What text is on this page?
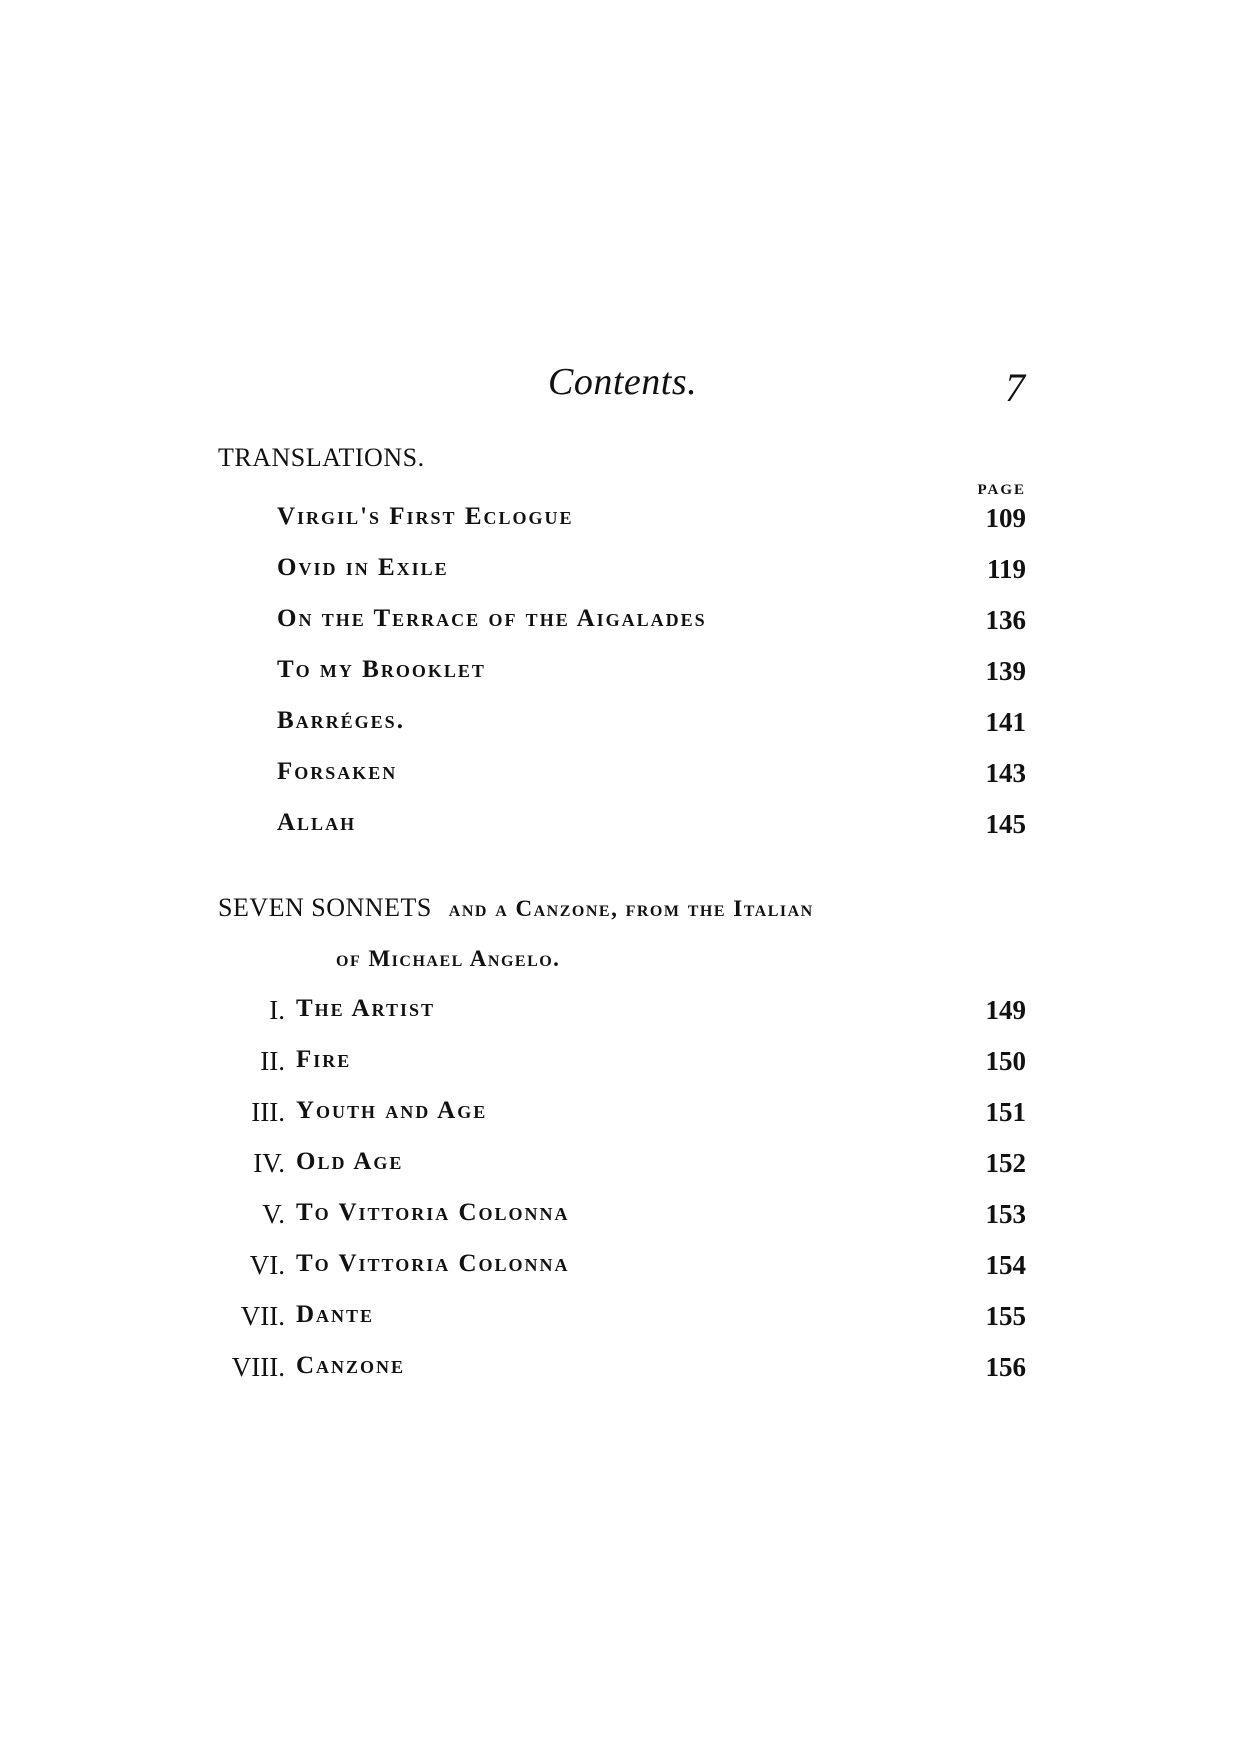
Contents.	7
TRANSLATIONS.
PAGE
Virgil's First Eclogue	109
Ovid in Exile	119
On the Terrace of the Aigalades	136
To my Brooklet	139
Barréges.	141
Forsaken	143
Allah	145
SEVEN SONNETS and a Canzone, from the Italian
of Michael Angelo.
I. The Artist	149
II. Fire	150
III. Youth and Age	151
IV. Old Age	152
V. To Vittoria Colonna	153
VI. To Vittoria Colonna	154
VII. Dante	155
VIII. Canzone	156
